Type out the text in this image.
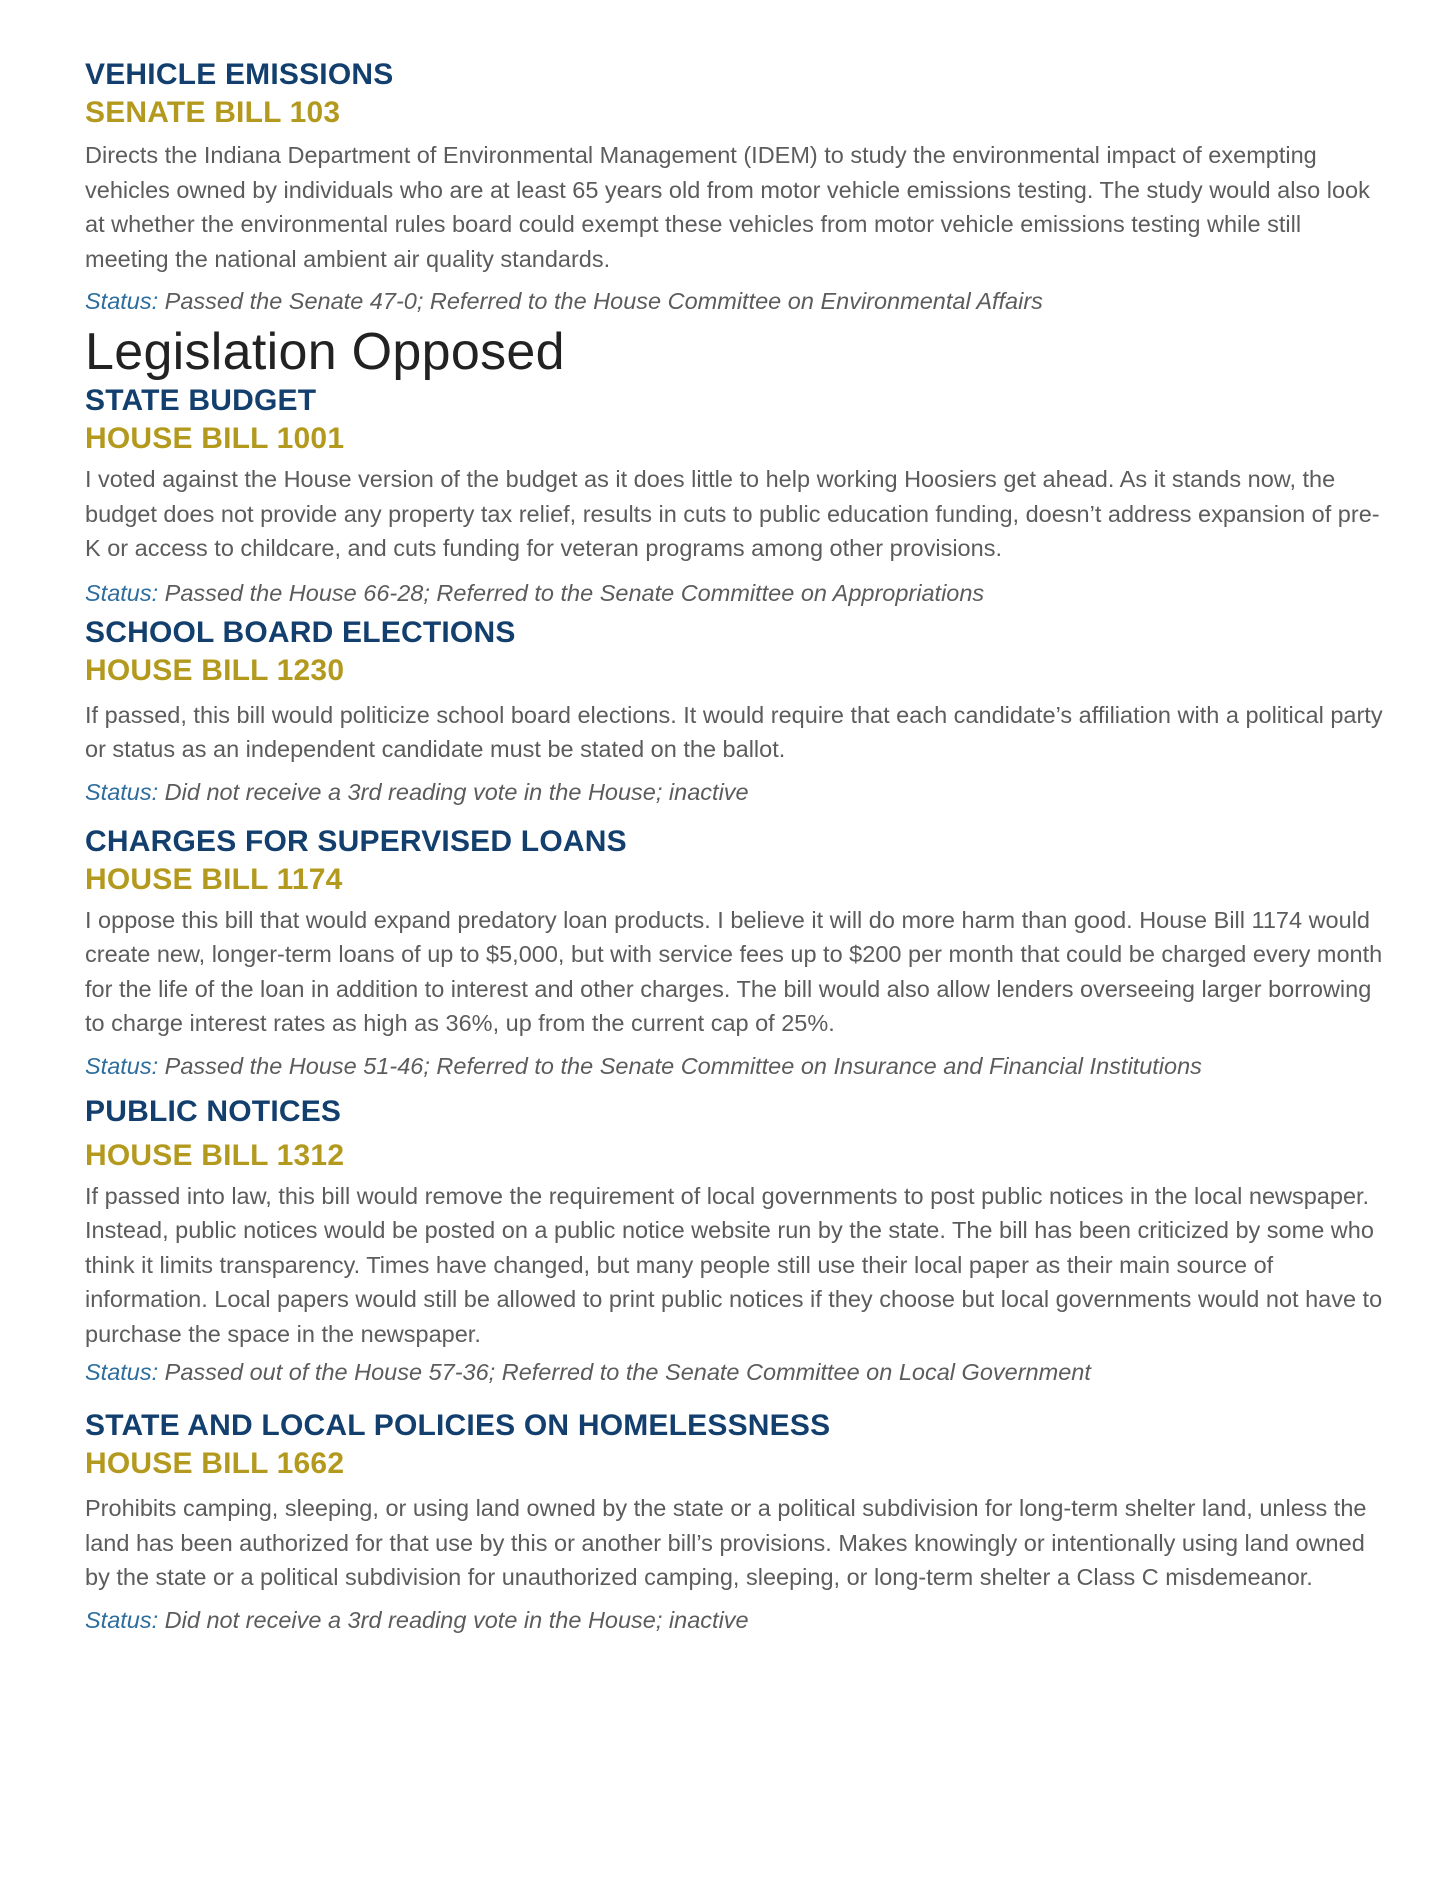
VEHICLE EMISSIONS
SENATE BILL 103

Directs the Indiana Department of Environmental Management (IDEM) to study the environmental impact of exempting vehicles owned by individuals who are at least 65 years old from motor vehicle emissions testing. The study would also look at whether the environmental rules board could exempt these vehicles from motor vehicle emissions testing while still meeting the national ambient air quality standards.

Status: Passed the Senate 47-0; Referred to the House Committee on Environmental Affairs

Legislation Opposed
STATE BUDGET
HOUSE BILL 1001

I voted against the House version of the budget as it does little to help working Hoosiers get ahead. As it stands now, the budget does not provide any property tax relief, results in cuts to public education funding, doesn’t address expansion of pre-K or access to childcare, and cuts funding for veteran programs among other provisions.

Status: Passed the House 66-28; Referred to the Senate Committee on Appropriations

SCHOOL BOARD ELECTIONS
HOUSE BILL 1230

If passed, this bill would politicize school board elections. It would require that each candidate’s affiliation with a political party or status as an independent candidate must be stated on the ballot.

Status: Did not receive a 3rd reading vote in the House; inactive

CHARGES FOR SUPERVISED LOANS
HOUSE BILL 1174

I oppose this bill that would expand predatory loan products. I believe it will do more harm than good. House Bill 1174 would create new, longer-term loans of up to $5,000, but with service fees up to $200 per month that could be charged every month for the life of the loan in addition to interest and other charges. The bill would also allow lenders overseeing larger borrowing to charge interest rates as high as 36%, up from the current cap of 25%.

Status: Passed the House 51-46; Referred to the Senate Committee on Insurance and Financial Institutions

PUBLIC NOTICES
HOUSE BILL 1312

If passed into law, this bill would remove the requirement of local governments to post public notices in the local newspaper. Instead, public notices would be posted on a public notice website run by the state. The bill has been criticized by some who think it limits transparency. Times have changed, but many people still use their local paper as their main source of information. Local papers would still be allowed to print public notices if they choose but local governments would not have to purchase the space in the newspaper.

Status: Passed out of the House 57-36; Referred to the Senate Committee on Local Government

STATE AND LOCAL POLICIES ON HOMELESSNESS
HOUSE BILL 1662

Prohibits camping, sleeping, or using land owned by the state or a political subdivision for long-term shelter land, unless the land has been authorized for that use by this or another bill’s provisions. Makes knowingly or intentionally using land owned by the state or a political subdivision for unauthorized camping, sleeping, or long-term shelter a Class C misdemeanor.

Status: Did not receive a 3rd reading vote in the House; inactive
